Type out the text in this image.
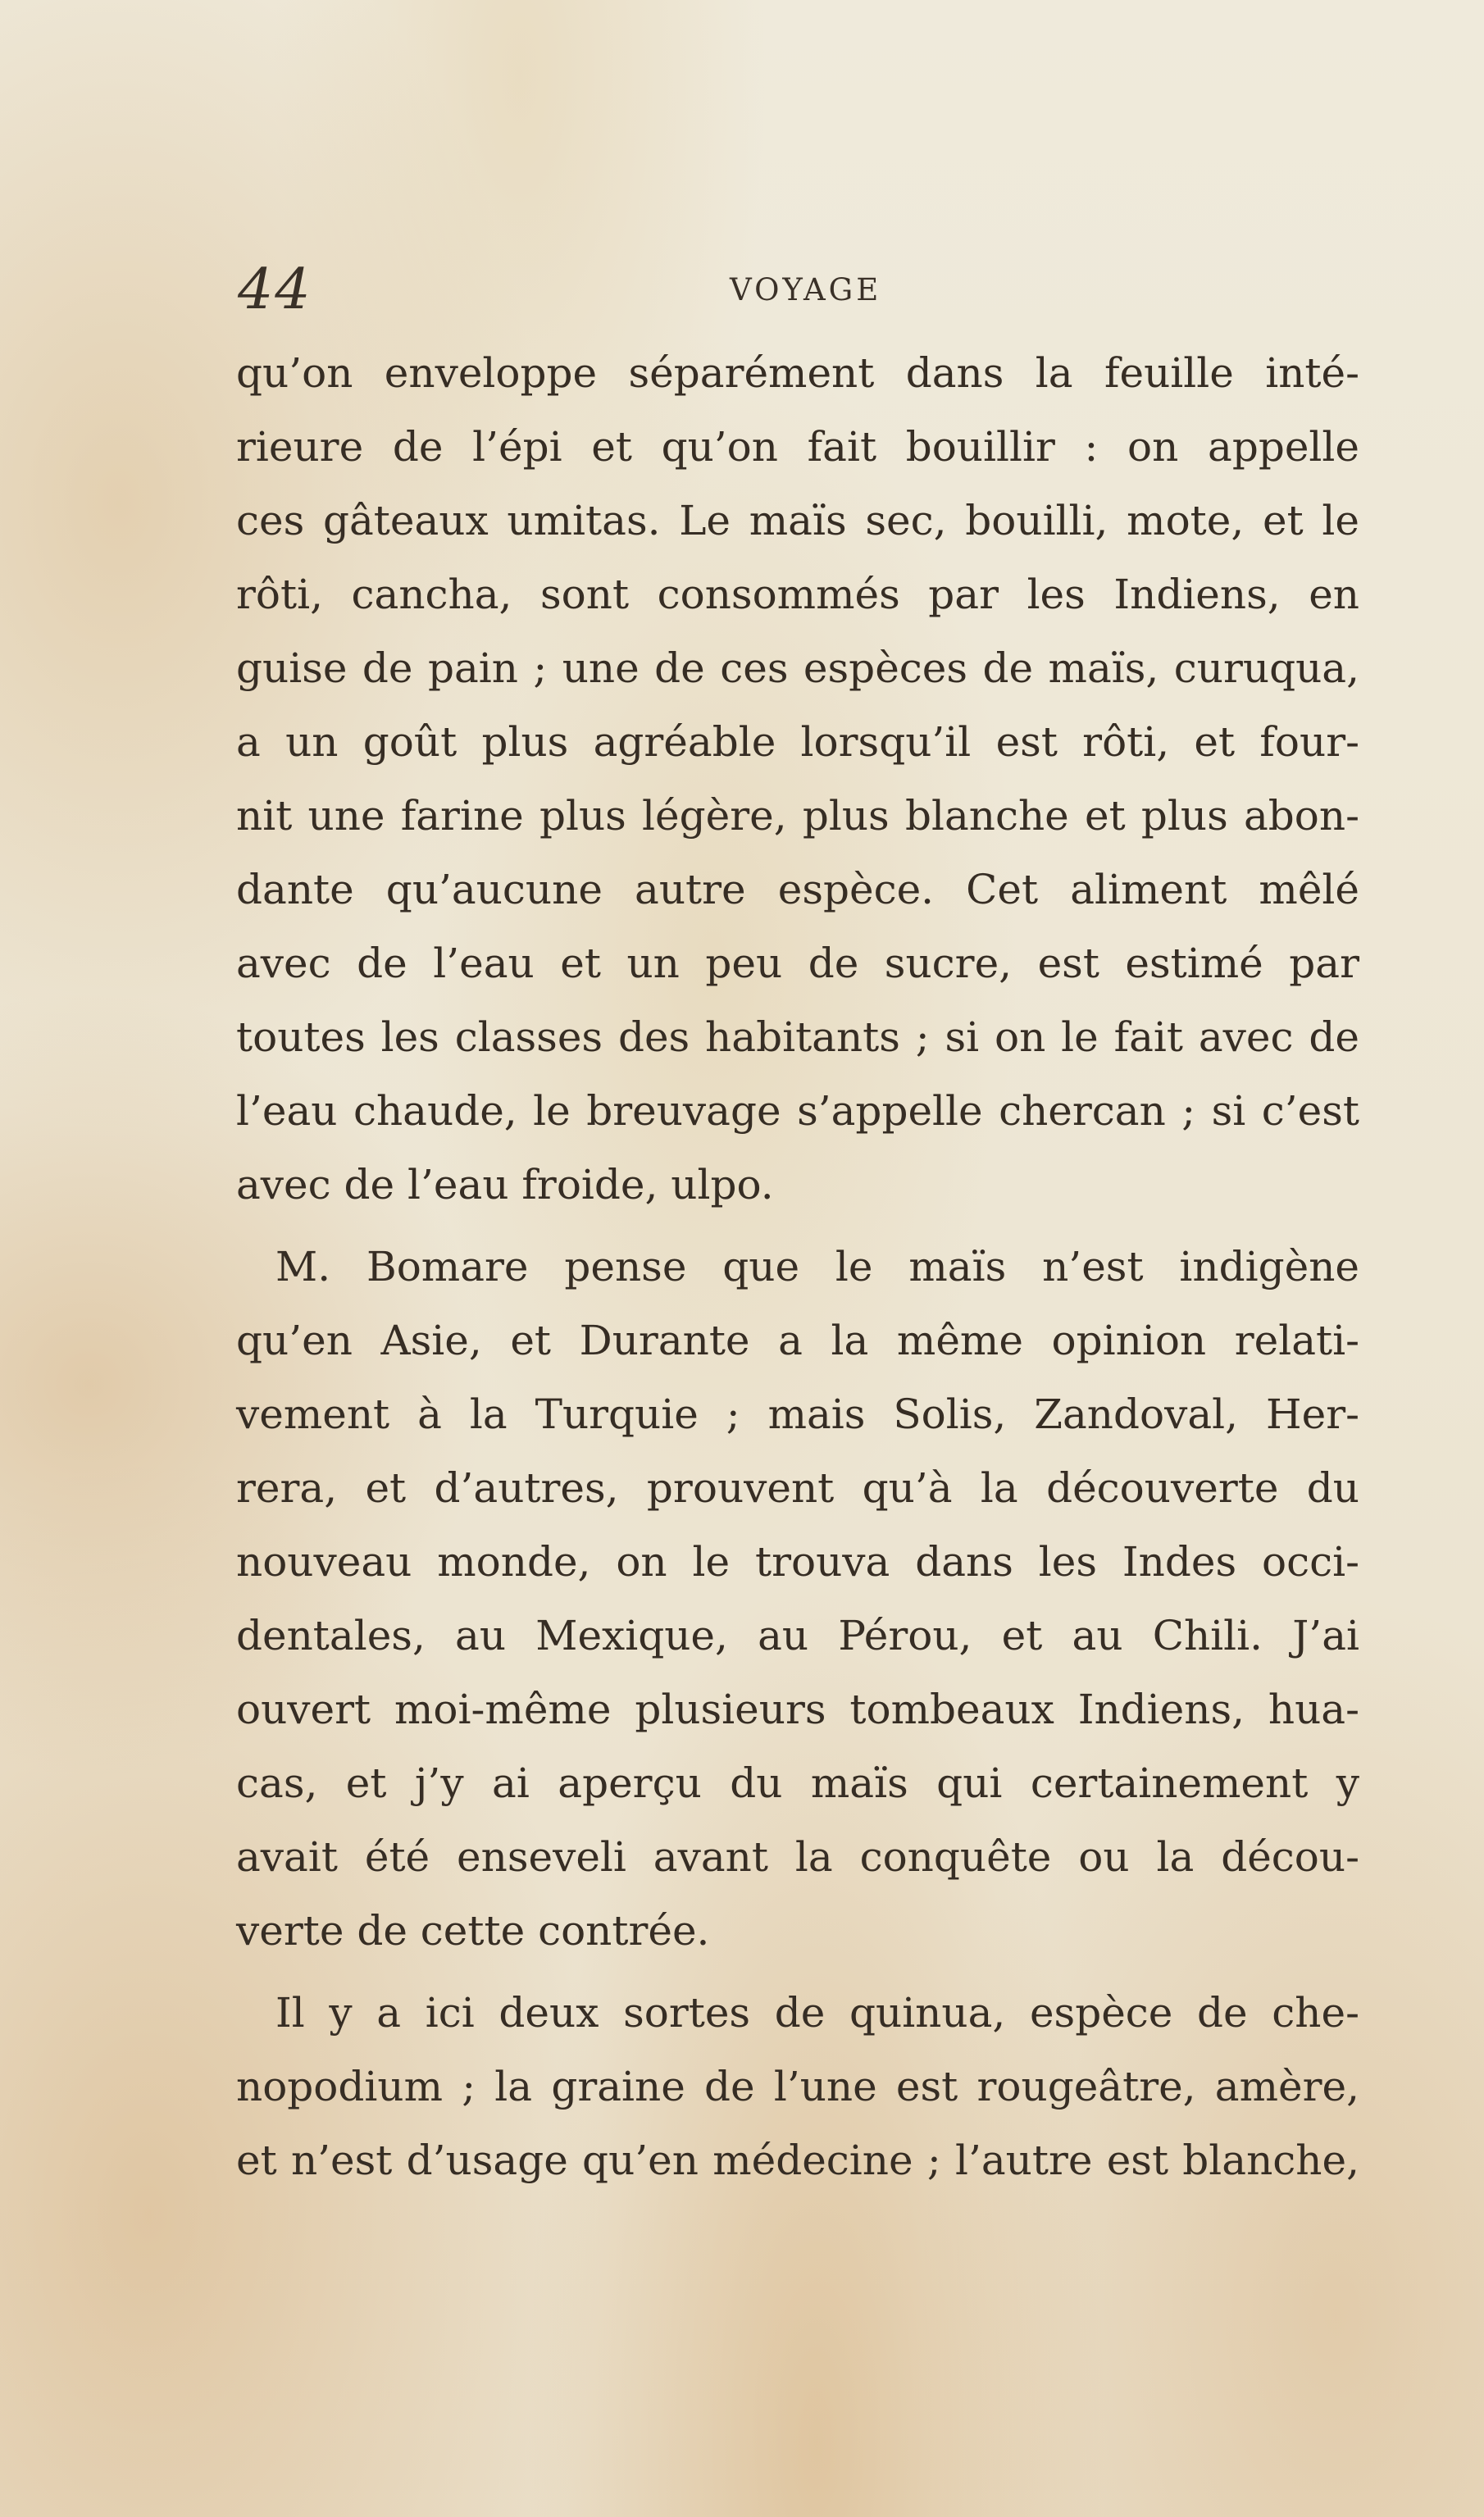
44	VOYAGE
qu’on enveloppe séparément dans la feuille inté-
rieure de l’épi et qu’on fait bouillir : on appelle
ces gâteaux umitas. Le maïs sec, bouilli, mote, et le
rôti, cancha, sont consommés par les Indiens, en
guise de pain ; une de ces espèces de maïs, curuqua,
a un goût plus agréable lorsqu’il est rôti, et four-
nit une farine plus légère, plus blanche et plus abon-
dante qu’aucune autre espèce. Cet aliment mêlé
avec de l’eau et un peu de sucre, est estimé par
toutes les classes des habitants ; si on le fait avec de
l’eau chaude, le breuvage s’appelle chercan ; si c’est
avec de l’eau froide, ulpo.
M. Bomare pense que le maïs n’est indigène
qu’en Asie, et Durante a la même opinion relati-
vement à la Turquie ; mais Solis, Zandoval, Her-
rera, et d’autres, prouvent qu’à la découverte du
nouveau monde, on le trouva dans les Indes occi-
dentales, au Mexique, au Pérou, et au Chili. J’ai
ouvert moi-même plusieurs tombeaux Indiens, hua-
cas, et j’y ai aperçu du maïs qui certainement y
avait été enseveli avant la conquête ou la décou-
verte de cette contrée.
Il y a ici deux sortes de quinua, espèce de che-
nopodium ; la graine de l’une est rougeâtre, amère,
et n’est d’usage qu’en médecine ; l’autre est blanche,
